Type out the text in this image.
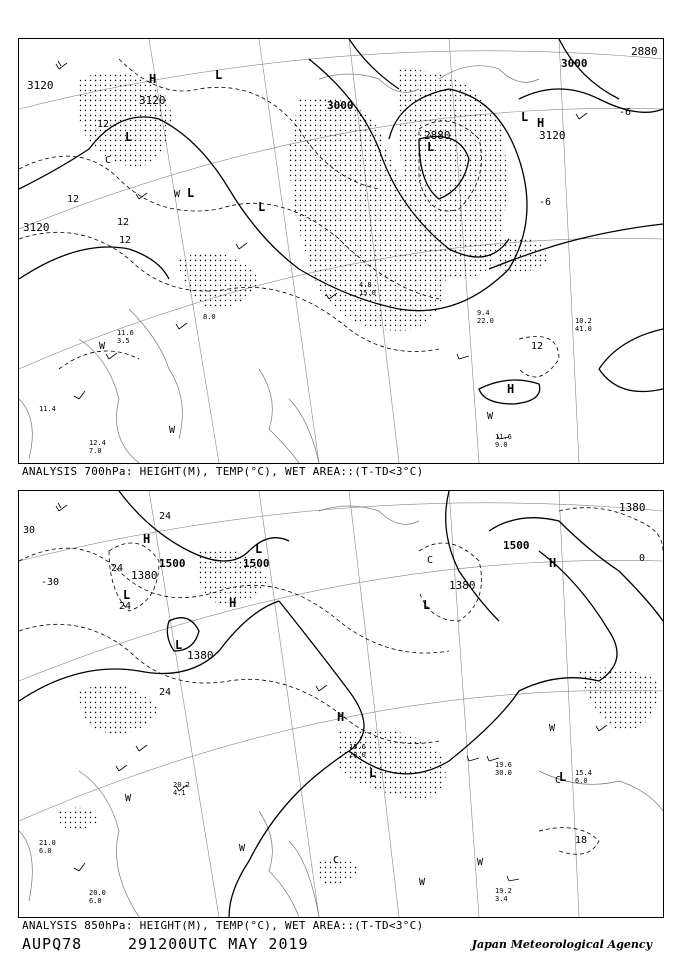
3120
3120
3120
3120
3000
3000
2880
2880
12
12
12
12
12
-6
-6
L
L
L
L
L
L
H
H
H
W
W
W
W
C
9.4
22.0	10.2
41.0
11.6
9.0
12.4
7.0
11.4
11.6
3.5
8.0
4.8
15.0
ANALYSIS 700hPa: HEIGHT(M), TEMP(°C), WET AREA::(T-TD<3°C)
1500	1500
1500
1380
1380
1380
1380
30
-30
24
24
24
24
18
0
H
H
H
H
L
L
L
L
L	L
W
W
W
W
W
C
C
C
19.6
30.0	15.4
6.0
19.2
3.4
20.0
6.0
21.0
6.0
20.2
4.1
15.6
28.0
ANALYSIS 850hPa: HEIGHT(M), TEMP(°C), WET AREA::(T-TD<3°C)
AUPQ78	291200UTC MAY 2019	Japan Meteorological Agency
